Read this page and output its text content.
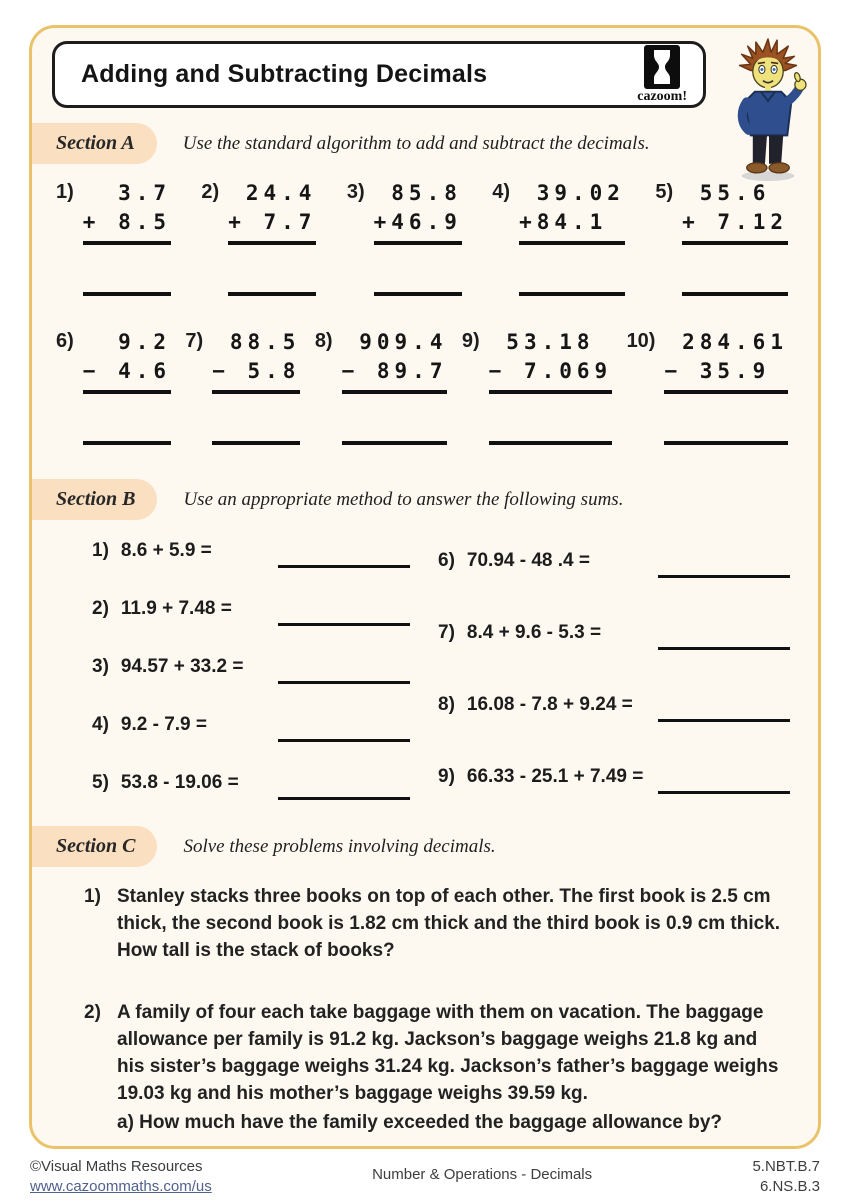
Adding and Subtracting Decimals
cazoom!
Section A	Use the standard algorithm to add and subtract the decimals.
1) 3.7
+ 8.5
2) 24.4
+ 7.7
3) 85.8
+46.9
4) 39.02
+84.1
5) 55.6
+ 7.12
6) 9.2
− 4.6
7) 88.5
− 5.8
8) 909.4
− 89.7
9) 53.18
− 7.069
10) 284.61
− 35.9
Section B	Use an appropriate method to answer the following sums.
1) 8.6 + 5.9 =
2) 11.9 + 7.48 =
3) 94.57 + 33.2 =
4) 9.2 - 7.9 =
5) 53.8 - 19.06 =
6) 70.94 - 48 .4 =
7) 8.4 + 9.6 - 5.3 =
8) 16.08 - 7.8 + 9.24 =
9) 66.33 - 25.1 + 7.49 =
Section C	Solve these problems involving decimals.
1) Stanley stacks three books on top of each other. The first book is 2.5 cm thick, the second book is 1.82 cm thick and the third book is 0.9 cm thick. How tall is the stack of books?
2) A family of four each take baggage with them on vacation. The baggage allowance per family is 91.2 kg. Jackson’s baggage weighs 21.8 kg and his sister’s baggage weighs 31.24 kg. Jackson’s father’s baggage weighs 19.03 kg and his mother’s baggage weighs 39.59 kg.
a) How much have the family exceeded the baggage allowance by?
©Visual Maths Resources
www.cazoommaths.com/us
Number & Operations - Decimals	5.NBT.B.7
6.NS.B.3
